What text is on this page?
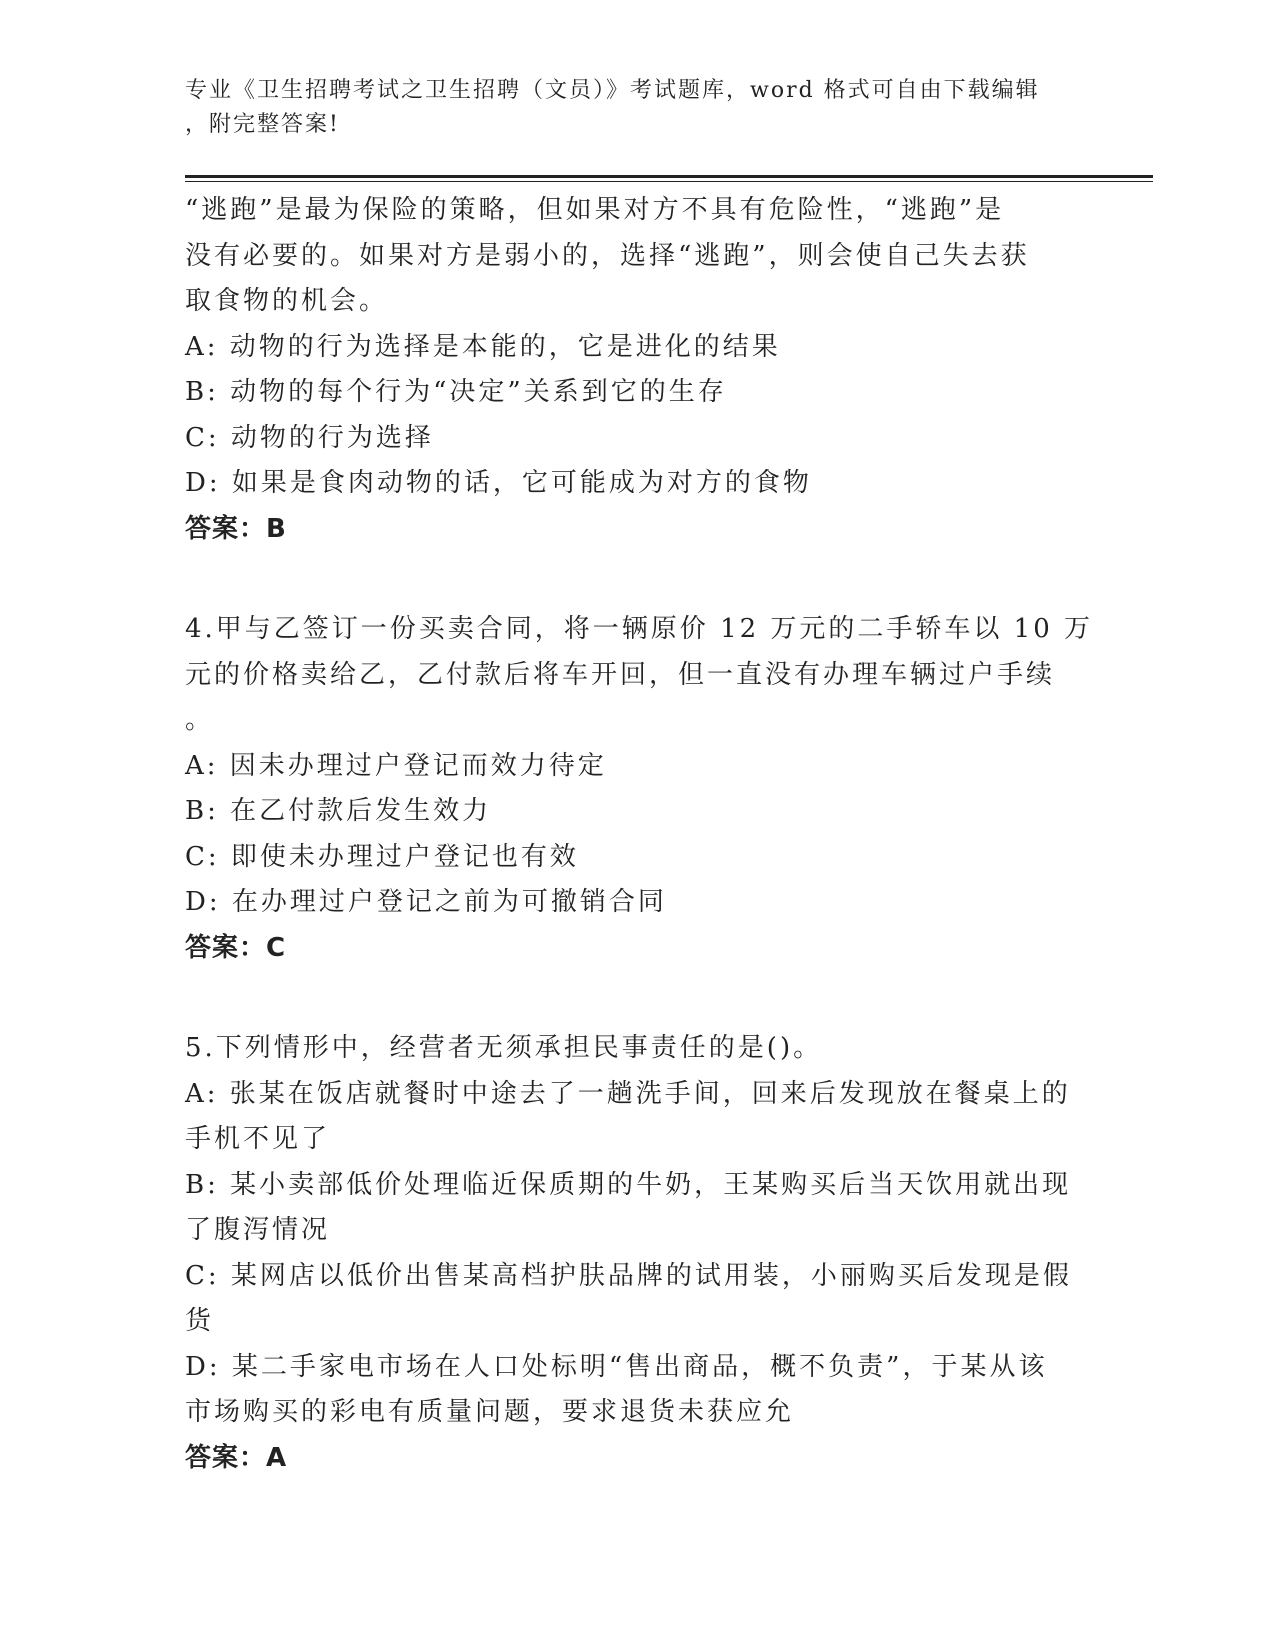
专业《卫生招聘考试之卫生招聘（文员）》考试题库，word 格式可自由下载编辑
，附完整答案!
“逃跑”是最为保险的策略，但如果对方不具有危险性，“逃跑”是
没有必要的。如果对方是弱小的，选择“逃跑”，则会使自己失去获
取食物的机会。
A: 动物的行为选择是本能的，它是进化的结果
B: 动物的每个行为“决定”关系到它的生存
C: 动物的行为选择
D: 如果是食肉动物的话，它可能成为对方的食物
答案：B
4.甲与乙签订一份买卖合同，将一辆原价 12 万元的二手轿车以 10 万
元的价格卖给乙，乙付款后将车开回，但一直没有办理车辆过户手续
。
A: 因未办理过户登记而效力待定
B: 在乙付款后发生效力
C: 即使未办理过户登记也有效
D: 在办理过户登记之前为可撤销合同
答案：C
5.下列情形中，经营者无须承担民事责任的是()。
A: 张某在饭店就餐时中途去了一趟洗手间，回来后发现放在餐桌上的
手机不见了
B: 某小卖部低价处理临近保质期的牛奶，王某购买后当天饮用就出现
了腹泻情况
C: 某网店以低价出售某高档护肤品牌的试用装，小丽购买后发现是假
货
D: 某二手家电市场在人口处标明“售出商品，概不负责”，于某从该
市场购买的彩电有质量问题，要求退货未获应允
答案：A
